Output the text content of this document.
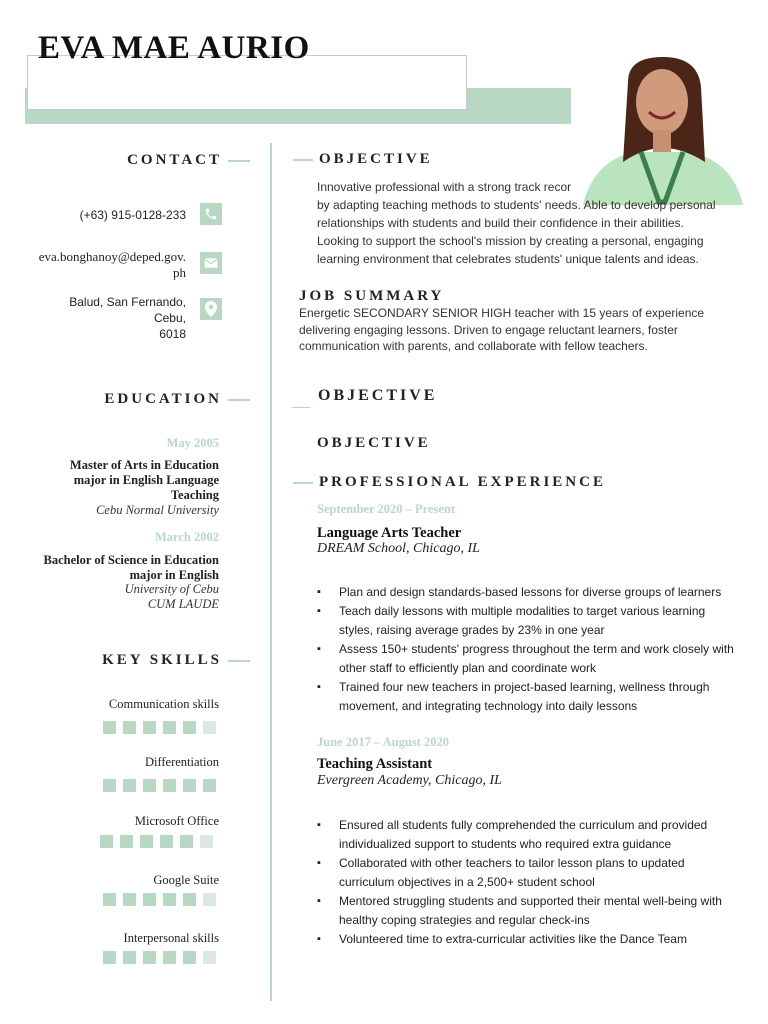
EVA MAE AURIO
CONTACT
(+63) 915-0128-233
eva.bonghanoy@deped.gov.
ph
Balud, San Fernando, Cebu,
6018
EDUCATION
May 2005
Master of Arts in Education
major in English Language
Teaching
Cebu Normal University
March 2002
Bachelor of Science in Education
major in English
University of Cebu
CUM LAUDE
KEY SKILLS
Communication skills
Differentiation
Microsoft Office
Google Suite
Interpersonal skills
OBJECTIVE
Innovative professional with a strong track recor
by adapting teaching methods to students' needs. Able to develop personal
relationships with students and build their confidence in their abilities.
Looking to support the school's mission by creating a personal, engaging
learning environment that celebrates students' unique talents and ideas.
JOB SUMMARY
Energetic SECONDARY SENIOR HIGH teacher with 15 years of experience
delivering engaging lessons. Driven to engage reluctant learners, foster
communication with parents, and collaborate with fellow teachers.
OBJECTIVE
OBJECTIVE
PROFESSIONAL EXPERIENCE
September 2020 – Present
Language Arts Teacher
DREAM School, Chicago, IL
▪ Plan and design standards-based lessons for diverse groups of learners
▪ Teach daily lessons with multiple modalities to target various learning styles, raising average grades by 23% in one year
▪ Assess 150+ students' progress throughout the term and work closely with other staff to efficiently plan and coordinate work
▪ Trained four new teachers in project-based learning, wellness through movement, and integrating technology into daily lessons
June 2017 – August 2020
Teaching Assistant
Evergreen Academy, Chicago, IL
▪ Ensured all students fully comprehended the curriculum and provided individualized support to students who required extra guidance
▪ Collaborated with other teachers to tailor lesson plans to updated curriculum objectives in a 2,500+ student school
▪ Mentored struggling students and supported their mental well-being with healthy coping strategies and regular check-ins
▪ Volunteered time to extra-curricular activities like the Dance Team
